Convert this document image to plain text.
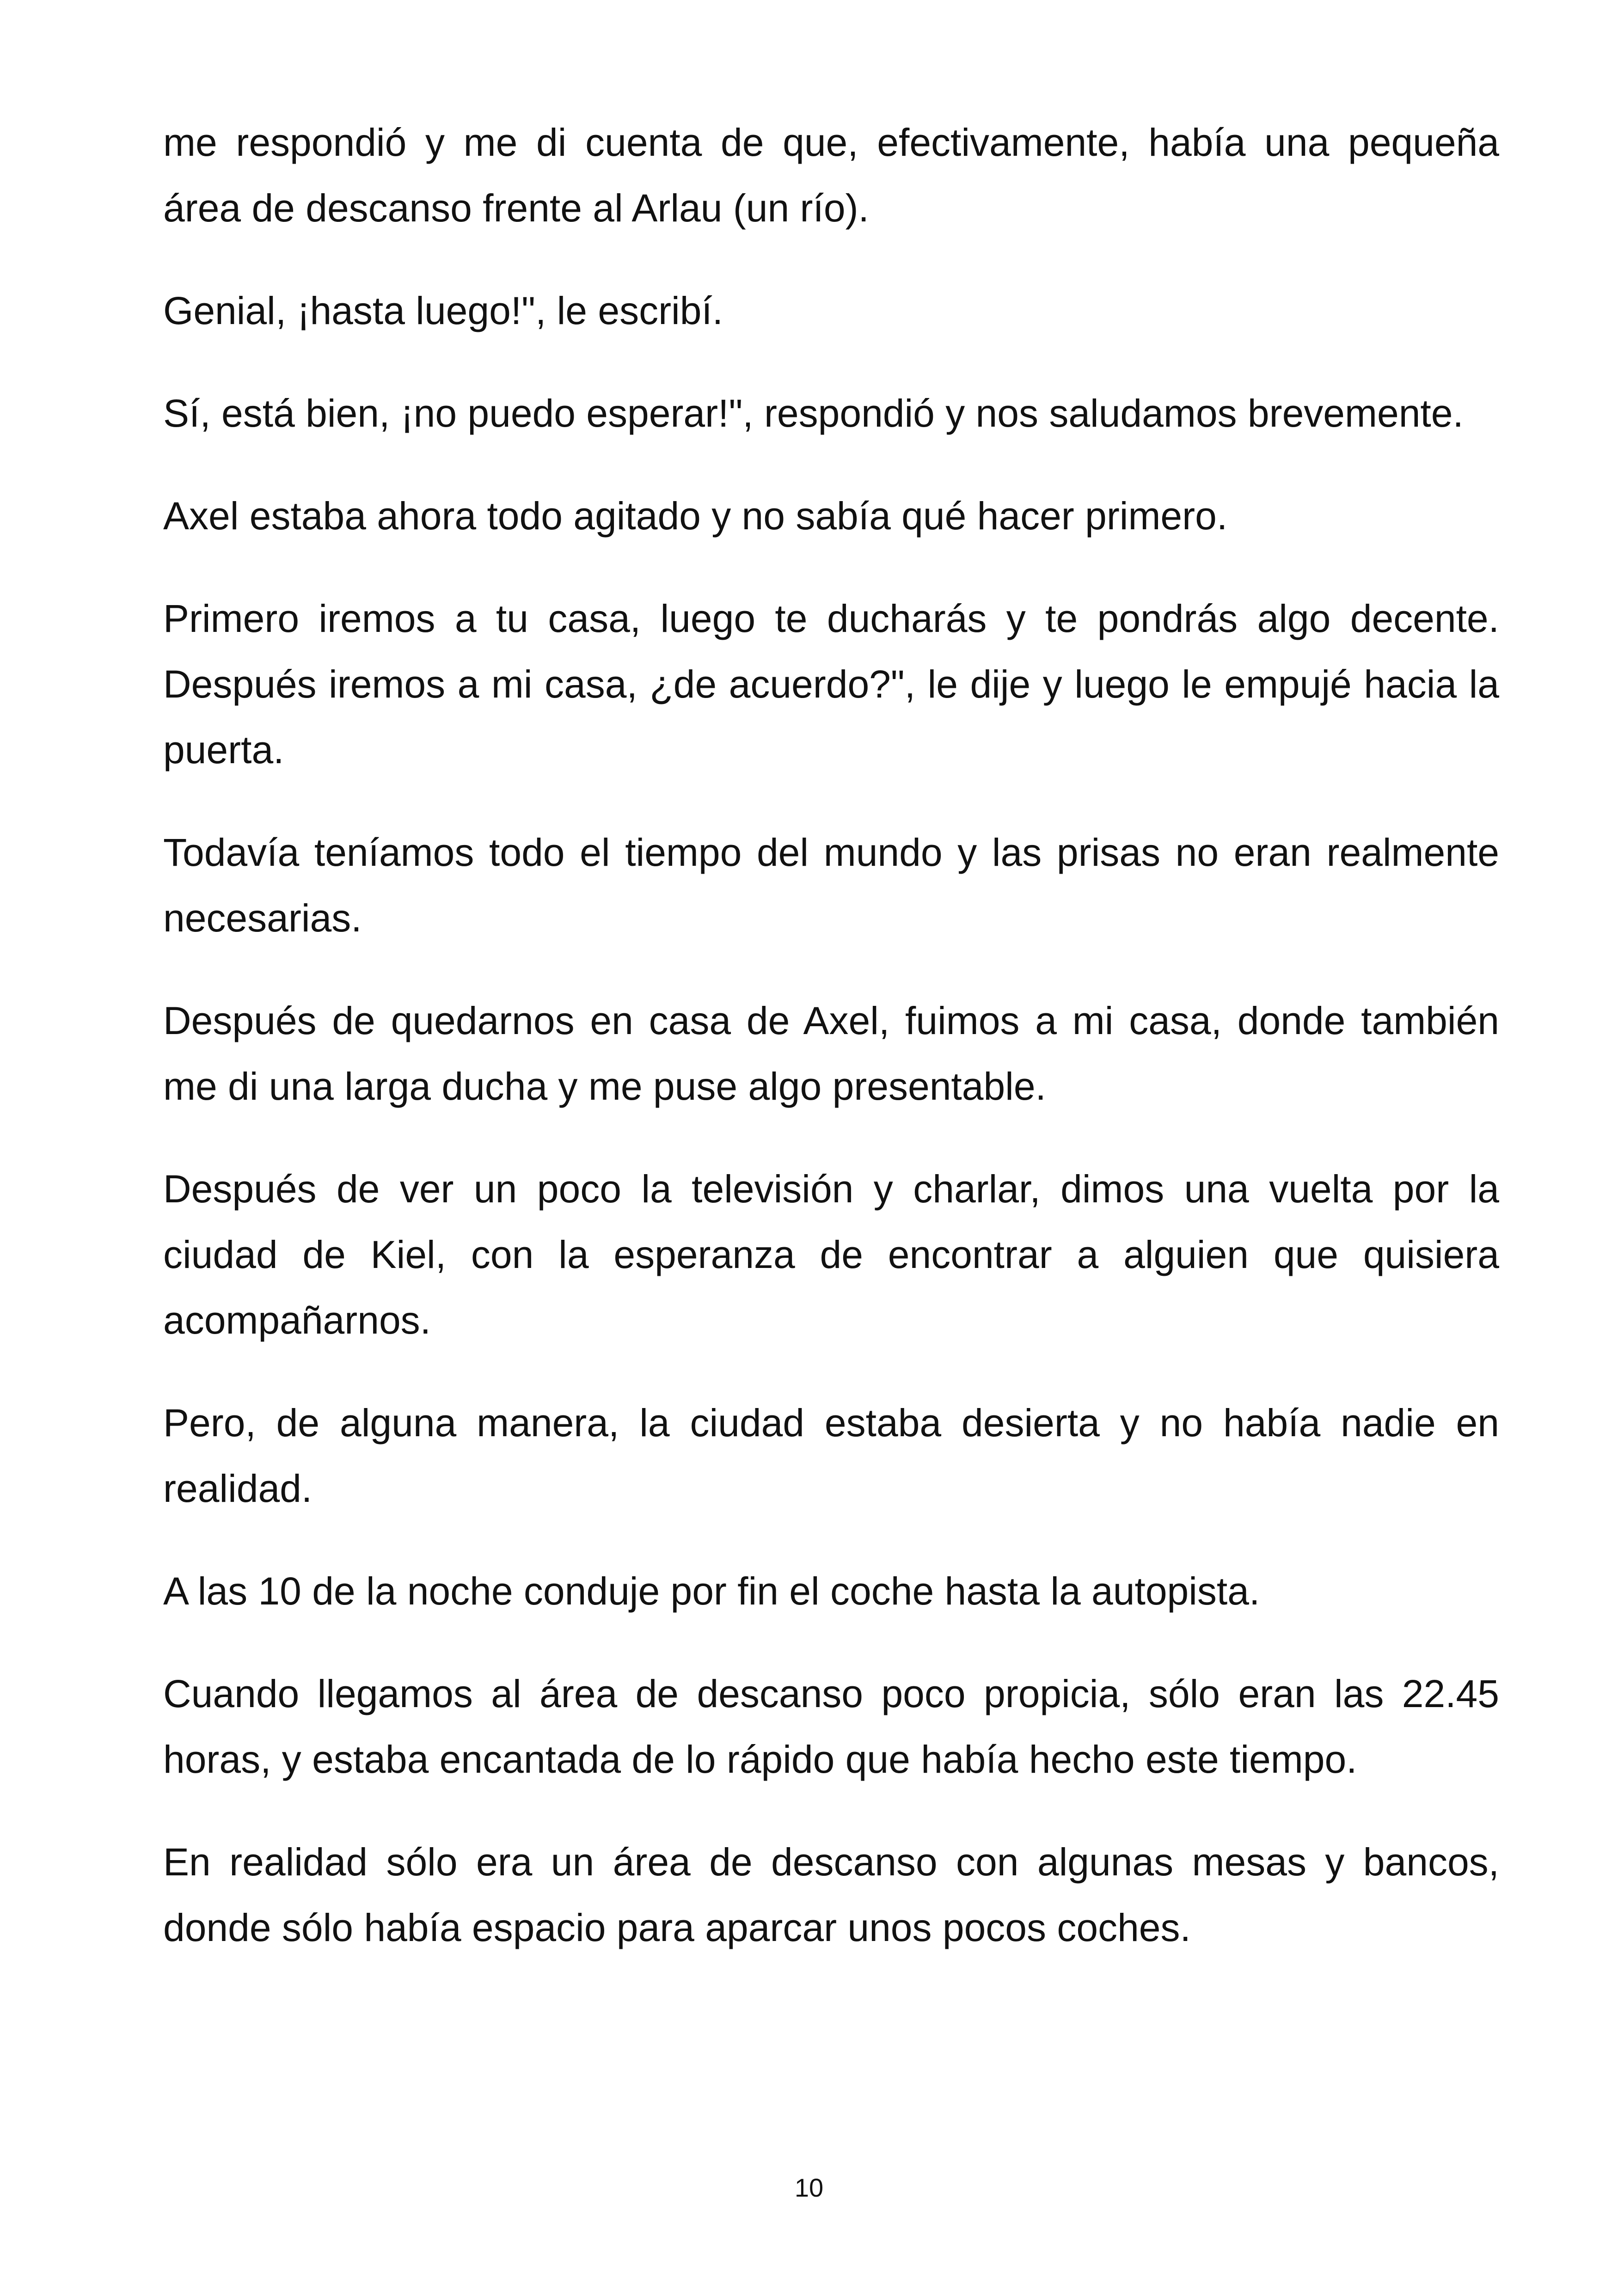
me respondió y me di cuenta de que, efectivamente, había una pequeña área de descanso frente al Arlau (un río).

Genial, ¡hasta luego!", le escribí.

Sí, está bien, ¡no puedo esperar!", respondió y nos saludamos brevemente.

Axel estaba ahora todo agitado y no sabía qué hacer primero.

Primero iremos a tu casa, luego te ducharás y te pondrás algo decente. Después iremos a mi casa, ¿de acuerdo?", le dije y luego le empujé hacia la puerta.

Todavía teníamos todo el tiempo del mundo y las prisas no eran realmente necesarias.

Después de quedarnos en casa de Axel, fuimos a mi casa, donde también me di una larga ducha y me puse algo presentable.

Después de ver un poco la televisión y charlar, dimos una vuelta por la ciudad de Kiel, con la esperanza de encontrar a alguien que quisiera acompañarnos.

Pero, de alguna manera, la ciudad estaba desierta y no había nadie en realidad.

A las 10 de la noche conduje por fin el coche hasta la autopista.

Cuando llegamos al área de descanso poco propicia, sólo eran las 22.45 horas, y estaba encantada de lo rápido que había hecho este tiempo.

En realidad sólo era un área de descanso con algunas mesas y bancos, donde sólo había espacio para aparcar unos pocos coches.

10
